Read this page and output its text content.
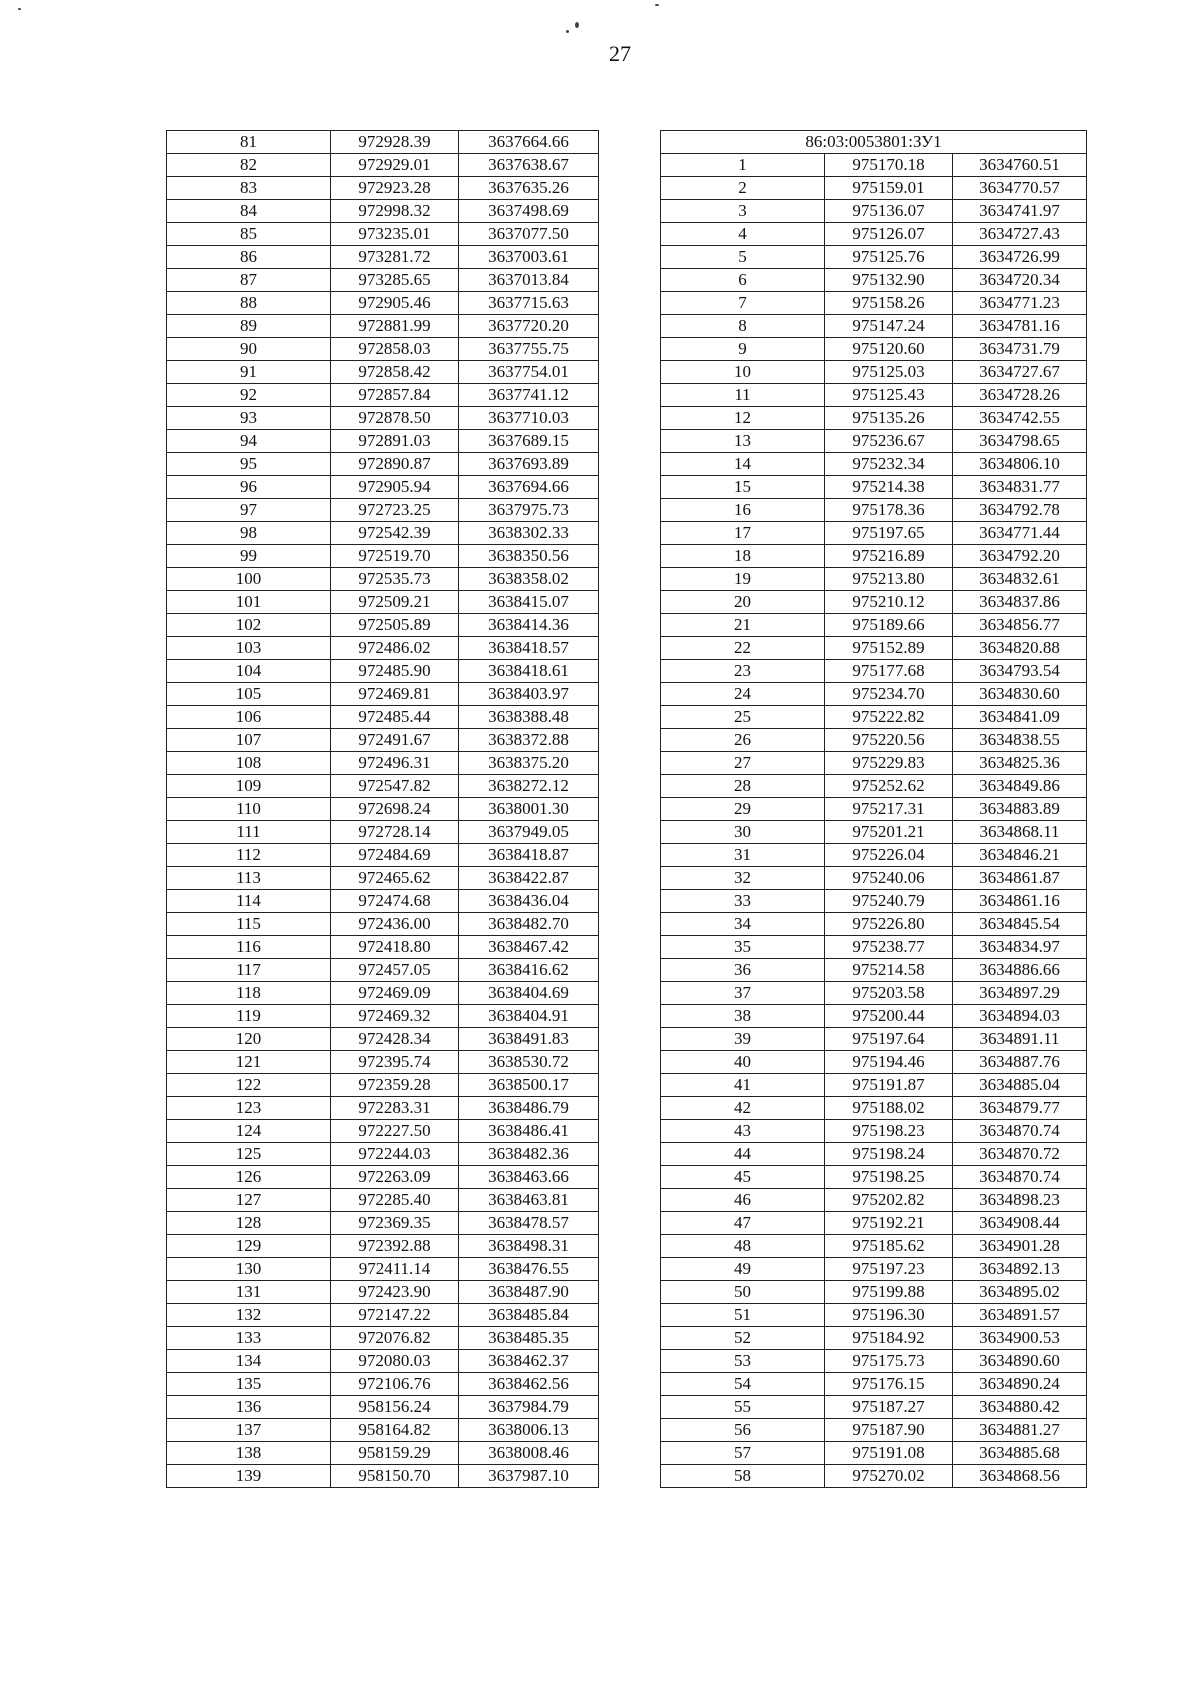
27
81	972928.39	3637664.66
82	972929.01	3637638.67
83	972923.28	3637635.26
84	972998.32	3637498.69
85	973235.01	3637077.50
86	973281.72	3637003.61
87	973285.65	3637013.84
88	972905.46	3637715.63
89	972881.99	3637720.20
90	972858.03	3637755.75
91	972858.42	3637754.01
92	972857.84	3637741.12
93	972878.50	3637710.03
94	972891.03	3637689.15
95	972890.87	3637693.89
96	972905.94	3637694.66
97	972723.25	3637975.73
98	972542.39	3638302.33
99	972519.70	3638350.56
100	972535.73	3638358.02
101	972509.21	3638415.07
102	972505.89	3638414.36
103	972486.02	3638418.57
104	972485.90	3638418.61
105	972469.81	3638403.97
106	972485.44	3638388.48
107	972491.67	3638372.88
108	972496.31	3638375.20
109	972547.82	3638272.12
110	972698.24	3638001.30
111	972728.14	3637949.05
112	972484.69	3638418.87
113	972465.62	3638422.87
114	972474.68	3638436.04
115	972436.00	3638482.70
116	972418.80	3638467.42
117	972457.05	3638416.62
118	972469.09	3638404.69
119	972469.32	3638404.91
120	972428.34	3638491.83
121	972395.74	3638530.72
122	972359.28	3638500.17
123	972283.31	3638486.79
124	972227.50	3638486.41
125	972244.03	3638482.36
126	972263.09	3638463.66
127	972285.40	3638463.81
128	972369.35	3638478.57
129	972392.88	3638498.31
130	972411.14	3638476.55
131	972423.90	3638487.90
132	972147.22	3638485.84
133	972076.82	3638485.35
134	972080.03	3638462.37
135	972106.76	3638462.56
136	958156.24	3637984.79
137	958164.82	3638006.13
138	958159.29	3638008.46
139	958150.70	3637987.10
86:03:0053801:ЗУ1		
1	975170.18	3634760.51
2	975159.01	3634770.57
3	975136.07	3634741.97
4	975126.07	3634727.43
5	975125.76	3634726.99
6	975132.90	3634720.34
7	975158.26	3634771.23
8	975147.24	3634781.16
9	975120.60	3634731.79
10	975125.03	3634727.67
11	975125.43	3634728.26
12	975135.26	3634742.55
13	975236.67	3634798.65
14	975232.34	3634806.10
15	975214.38	3634831.77
16	975178.36	3634792.78
17	975197.65	3634771.44
18	975216.89	3634792.20
19	975213.80	3634832.61
20	975210.12	3634837.86
21	975189.66	3634856.77
22	975152.89	3634820.88
23	975177.68	3634793.54
24	975234.70	3634830.60
25	975222.82	3634841.09
26	975220.56	3634838.55
27	975229.83	3634825.36
28	975252.62	3634849.86
29	975217.31	3634883.89
30	975201.21	3634868.11
31	975226.04	3634846.21
32	975240.06	3634861.87
33	975240.79	3634861.16
34	975226.80	3634845.54
35	975238.77	3634834.97
36	975214.58	3634886.66
37	975203.58	3634897.29
38	975200.44	3634894.03
39	975197.64	3634891.11
40	975194.46	3634887.76
41	975191.87	3634885.04
42	975188.02	3634879.77
43	975198.23	3634870.74
44	975198.24	3634870.72
45	975198.25	3634870.74
46	975202.82	3634898.23
47	975192.21	3634908.44
48	975185.62	3634901.28
49	975197.23	3634892.13
50	975199.88	3634895.02
51	975196.30	3634891.57
52	975184.92	3634900.53
53	975175.73	3634890.60
54	975176.15	3634890.24
55	975187.27	3634880.42
56	975187.90	3634881.27
57	975191.08	3634885.68
58	975270.02	3634868.56
